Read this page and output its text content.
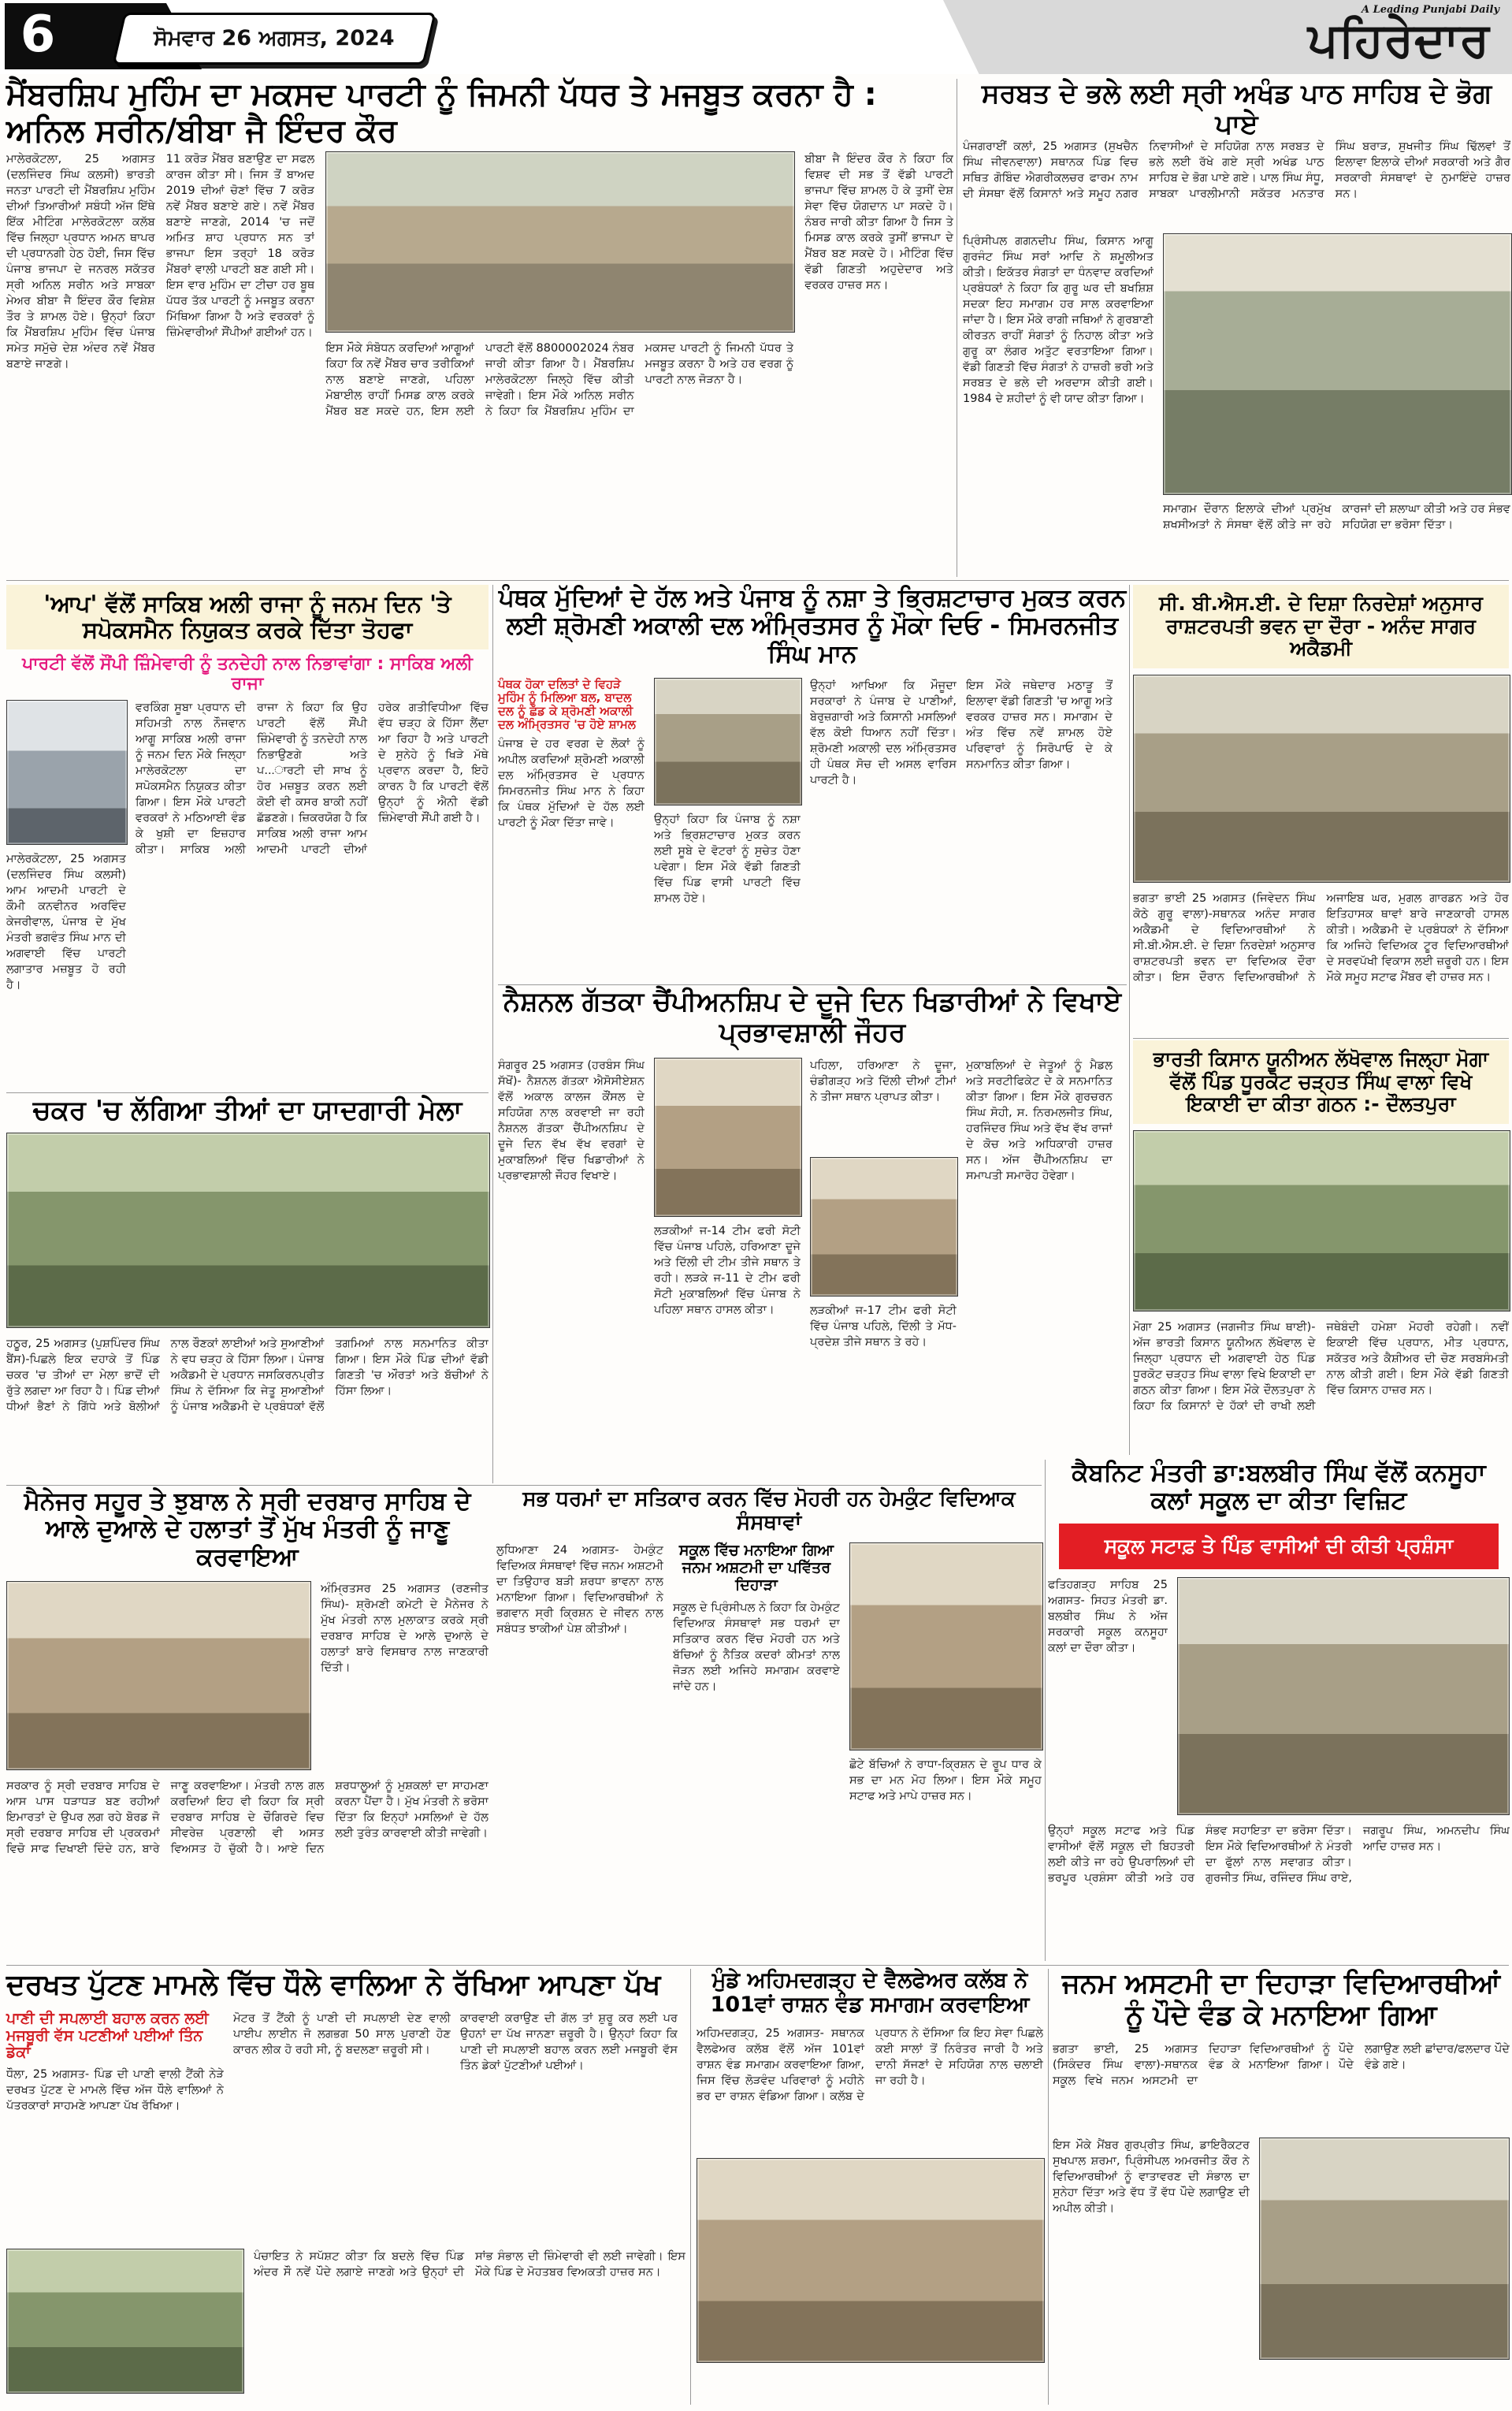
6	ਸੋਮਵਾਰ 26 ਅਗਸਤ, 2024
A Leading Punjabi Daily
ਪਹਿਰੇਦਾਰ
ਮੈਂਬਰਸ਼ਿਪ ਮੁਹਿੰਮ ਦਾ ਮਕਸਦ ਪਾਰਟੀ ਨੂੰ ਜਿਮਨੀ ਪੱਧਰ ਤੇ ਮਜਬੂਤ ਕਰਨਾ ਹੈ : ਅਨਿਲ ਸਰੀਨ/ਬੀਬਾ ਜੈ ਇੰਦਰ ਕੌਰ
ਮਾਲੇਰਕੋਟਲਾ, 25 ਅਗਸਤ (ਦਲਜਿੰਦਰ ਸਿੰਘ ਕਲਸੀ) ਭਾਰਤੀ ਜਨਤਾ ਪਾਰਟੀ ਦੀ ਮੈਂਬਰਸ਼ਿਪ ਮੁਹਿੰਮ ਦੀਆਂ ਤਿਆਰੀਆਂ ਸਬੰਧੀ ਅੱਜ ਇੱਥੇ ਇੱਕ ਮੀਟਿੰਗ ਮਾਲੇਰਕੋਟਲਾ ਕਲੱਬ ਵਿੱਚ ਜਿਲ੍ਹਾ ਪ੍ਰਧਾਨ ਅਮਨ ਥਾਪਰ ਦੀ ਪ੍ਰਧਾਨਗੀ ਹੇਠ ਹੋਈ, ਜਿਸ ਵਿੱਚ ਪੰਜਾਬ ਭਾਜਪਾ ਦੇ ਜਨਰਲ ਸਕੱਤਰ ਸ੍ਰੀ ਅਨਿਲ ਸਰੀਨ ਅਤੇ ਸਾਬਕਾ ਮੇਅਰ ਬੀਬਾ ਜੈ ਇੰਦਰ ਕੌਰ ਵਿਸ਼ੇਸ਼ ਤੌਰ ਤੇ ਸ਼ਾਮਲ ਹੋਏ। ਉਨ੍ਹਾਂ ਕਿਹਾ ਕਿ ਮੈਂਬਰਸ਼ਿਪ ਮੁਹਿੰਮ ਵਿੱਚ ਪੰਜਾਬ ਸਮੇਤ ਸਮੁੱਚੇ ਦੇਸ਼ ਅੰਦਰ ਨਵੇਂ ਮੈਂਬਰ ਬਣਾਏ ਜਾਣਗੇ।
11 ਕਰੋੜ ਮੈਂਬਰ ਬਣਾਉਣ ਦਾ ਸਫਲ ਕਾਰਜ ਕੀਤਾ ਸੀ। ਜਿਸ ਤੋਂ ਬਾਅਦ 2019 ਦੀਆਂ ਚੋਣਾਂ ਵਿੱਚ 7 ਕਰੋੜ ਨਵੇਂ ਮੈਂਬਰ ਬਣਾਏ ਗਏ। ਨਵੇਂ ਮੈਂਬਰ ਬਣਾਏ ਜਾਣਗੇ, 2014 'ਚ ਜਦੋਂ ਅਮਿਤ ਸ਼ਾਹ ਪ੍ਰਧਾਨ ਸਨ ਤਾਂ ਭਾਜਪਾ ਇਸ ਤਰ੍ਹਾਂ 18 ਕਰੋੜ ਮੈਂਬਰਾਂ ਵਾਲੀ ਪਾਰਟੀ ਬਣ ਗਈ ਸੀ। ਇਸ ਵਾਰ ਮੁਹਿੰਮ ਦਾ ਟੀਚਾ ਹਰ ਬੂਥ ਪੱਧਰ ਤੱਕ ਪਾਰਟੀ ਨੂੰ ਮਜਬੂਤ ਕਰਨਾ ਮਿੱਥਿਆ ਗਿਆ ਹੈ ਅਤੇ ਵਰਕਰਾਂ ਨੂੰ ਜ਼ਿੰਮੇਵਾਰੀਆਂ ਸੌਂਪੀਆਂ ਗਈਆਂ ਹਨ।
ਇਸ ਮੌਕੇ ਸੰਬੋਧਨ ਕਰਦਿਆਂ ਆਗੂਆਂ ਕਿਹਾ ਕਿ ਨਵੇਂ ਮੈਂਬਰ ਚਾਰ ਤਰੀਕਿਆਂ ਨਾਲ ਬਣਾਏ ਜਾਣਗੇ, ਪਹਿਲਾ ਮੋਬਾਈਲ ਰਾਹੀਂ ਮਿਸਡ ਕਾਲ ਕਰਕੇ ਮੈਂਬਰ ਬਣ ਸਕਦੇ ਹਨ, ਇਸ ਲਈ ਪਾਰਟੀ ਵੱਲੋਂ 8800002024 ਨੰਬਰ ਜਾਰੀ ਕੀਤਾ ਗਿਆ ਹੈ। ਮੈਂਬਰਸ਼ਿਪ ਮਾਲੇਰਕੋਟਲਾ ਜਿਲ੍ਹੇ ਵਿੱਚ ਕੀਤੀ ਜਾਵੇਗੀ। ਇਸ ਮੌਕੇ ਅਨਿਲ ਸਰੀਨ ਨੇ ਕਿਹਾ ਕਿ ਮੈਂਬਰਸ਼ਿਪ ਮੁਹਿੰਮ ਦਾ ਮਕਸਦ ਪਾਰਟੀ ਨੂੰ ਜਿਮਨੀ ਪੱਧਰ ਤੇ ਮਜਬੂਤ ਕਰਨਾ ਹੈ ਅਤੇ ਹਰ ਵਰਗ ਨੂੰ ਪਾਰਟੀ ਨਾਲ ਜੋੜਨਾ ਹੈ।
ਬੀਬਾ ਜੈ ਇੰਦਰ ਕੌਰ ਨੇ ਕਿਹਾ ਕਿ ਵਿਸ਼ਵ ਦੀ ਸਭ ਤੋਂ ਵੱਡੀ ਪਾਰਟੀ ਭਾਜਪਾ ਵਿੱਚ ਸ਼ਾਮਲ ਹੋ ਕੇ ਤੁਸੀਂ ਦੇਸ਼ ਸੇਵਾ ਵਿੱਚ ਯੋਗਦਾਨ ਪਾ ਸਕਦੇ ਹੋ। ਨੰਬਰ ਜਾਰੀ ਕੀਤਾ ਗਿਆ ਹੈ ਜਿਸ ਤੇ ਮਿਸਡ ਕਾਲ ਕਰਕੇ ਤੁਸੀਂ ਭਾਜਪਾ ਦੇ ਮੈਂਬਰ ਬਣ ਸਕਦੇ ਹੋ। ਮੀਟਿੰਗ ਵਿੱਚ ਵੱਡੀ ਗਿਣਤੀ ਅਹੁਦੇਦਾਰ ਅਤੇ ਵਰਕਰ ਹਾਜ਼ਰ ਸਨ।
ਸਰਬਤ ਦੇ ਭਲੇ ਲਈ ਸ੍ਰੀ ਅਖੰਡ ਪਾਠ ਸਾਹਿਬ ਦੇ ਭੋਗ ਪਾਏ
ਪੰਜਗਰਾਈਂ ਕਲਾਂ, 25 ਅਗਸਤ (ਸੁਖਚੈਨ ਸਿੰਘ ਜੀਵਨਵਾਲਾ) ਸਥਾਨਕ ਪਿੰਡ ਵਿਚ ਸਥਿਤ ਗੋਬਿੰਦ ਐਗਰੀਕਲਚਰ ਫਾਰਮ ਨਾਮ ਦੀ ਸੰਸਥਾ ਵੱਲੋਂ ਕਿਸਾਨਾਂ ਅਤੇ ਸਮੂਹ ਨਗਰ ਨਿਵਾਸੀਆਂ ਦੇ ਸਹਿਯੋਗ ਨਾਲ ਸਰਬਤ ਦੇ ਭਲੇ ਲਈ ਰੱਖੇ ਗਏ ਸ੍ਰੀ ਅਖੰਡ ਪਾਠ ਸਾਹਿਬ ਦੇ ਭੋਗ ਪਾਏ ਗਏ। ਪਾਲ ਸਿੰਘ ਸੰਧੂ, ਸਾਬਕਾ ਪਾਰਲੀਮਾਨੀ ਸਕੱਤਰ ਮਨਤਾਰ ਸਿੰਘ ਬਰਾੜ, ਸੁਖਜੀਤ ਸਿੰਘ ਢਿੱਲਵਾਂ ਤੋਂ ਇਲਾਵਾ ਇਲਾਕੇ ਦੀਆਂ ਸਰਕਾਰੀ ਅਤੇ ਗੈਰ ਸਰਕਾਰੀ ਸੰਸਥਾਵਾਂ ਦੇ ਨੁਮਾਇੰਦੇ ਹਾਜ਼ਰ ਸਨ।
ਪ੍ਰਿੰਸੀਪਲ ਗਗਨਦੀਪ ਸਿੰਘ, ਕਿਸਾਨ ਆਗੂ ਗੁਰਜੰਟ ਸਿੰਘ ਸਰਾਂ ਆਦਿ ਨੇ ਸ਼ਮੂਲੀਅਤ ਕੀਤੀ। ਇਕੱਤਰ ਸੰਗਤਾਂ ਦਾ ਧੰਨਵਾਦ ਕਰਦਿਆਂ ਪ੍ਰਬੰਧਕਾਂ ਨੇ ਕਿਹਾ ਕਿ ਗੁਰੂ ਘਰ ਦੀ ਬਖਸ਼ਿਸ਼ ਸਦਕਾ ਇਹ ਸਮਾਗਮ ਹਰ ਸਾਲ ਕਰਵਾਇਆ ਜਾਂਦਾ ਹੈ। ਇਸ ਮੌਕੇ ਰਾਗੀ ਜਥਿਆਂ ਨੇ ਗੁਰਬਾਣੀ ਕੀਰਤਨ ਰਾਹੀਂ ਸੰਗਤਾਂ ਨੂੰ ਨਿਹਾਲ ਕੀਤਾ ਅਤੇ ਗੁਰੂ ਕਾ ਲੰਗਰ ਅਤੁੱਟ ਵਰਤਾਇਆ ਗਿਆ। ਵੱਡੀ ਗਿਣਤੀ ਵਿੱਚ ਸੰਗਤਾਂ ਨੇ ਹਾਜ਼ਰੀ ਭਰੀ ਅਤੇ ਸਰਬਤ ਦੇ ਭਲੇ ਦੀ ਅਰਦਾਸ ਕੀਤੀ ਗਈ। 1984 ਦੇ ਸ਼ਹੀਦਾਂ ਨੂੰ ਵੀ ਯਾਦ ਕੀਤਾ ਗਿਆ।
ਸਮਾਗਮ ਦੌਰਾਨ ਇਲਾਕੇ ਦੀਆਂ ਪ੍ਰਮੁੱਖ ਸ਼ਖਸੀਅਤਾਂ ਨੇ ਸੰਸਥਾ ਵੱਲੋਂ ਕੀਤੇ ਜਾ ਰਹੇ ਕਾਰਜਾਂ ਦੀ ਸ਼ਲਾਘਾ ਕੀਤੀ ਅਤੇ ਹਰ ਸੰਭਵ ਸਹਿਯੋਗ ਦਾ ਭਰੋਸਾ ਦਿੱਤਾ।
ਸੀ. ਬੀ.ਐਸ.ਈ. ਦੇ ਦਿਸ਼ਾ ਨਿਰਦੇਸ਼ਾਂ ਅਨੁਸਾਰ ਰਾਸ਼ਟਰਪਤੀ ਭਵਨ ਦਾ ਦੌਰਾ - ਅਨੰਦ ਸਾਗਰ ਅਕੈਡਮੀ
ਭਗਤਾ ਭਾਈ 25 ਅਗਸਤ (ਜਿਵੇਦਨ ਸਿੰਘ ਕੋਠੇ ਗੁਰੂ ਵਾਲਾ)-ਸਥਾਨਕ ਅਨੰਦ ਸਾਗਰ ਅਕੈਡਮੀ ਦੇ ਵਿਦਿਆਰਥੀਆਂ ਨੇ ਸੀ.ਬੀ.ਐਸ.ਈ. ਦੇ ਦਿਸ਼ਾ ਨਿਰਦੇਸ਼ਾਂ ਅਨੁਸਾਰ ਰਾਸ਼ਟਰਪਤੀ ਭਵਨ ਦਾ ਵਿਦਿਅਕ ਦੌਰਾ ਕੀਤਾ। ਇਸ ਦੌਰਾਨ ਵਿਦਿਆਰਥੀਆਂ ਨੇ ਅਜਾਇਬ ਘਰ, ਮੁਗਲ ਗਾਰਡਨ ਅਤੇ ਹੋਰ ਇਤਿਹਾਸਕ ਥਾਵਾਂ ਬਾਰੇ ਜਾਣਕਾਰੀ ਹਾਸਲ ਕੀਤੀ। ਅਕੈਡਮੀ ਦੇ ਪ੍ਰਬੰਧਕਾਂ ਨੇ ਦੱਸਿਆ ਕਿ ਅਜਿਹੇ ਵਿਦਿਅਕ ਟੂਰ ਵਿਦਿਆਰਥੀਆਂ ਦੇ ਸਰਵਪੱਖੀ ਵਿਕਾਸ ਲਈ ਜ਼ਰੂਰੀ ਹਨ। ਇਸ ਮੌਕੇ ਸਮੂਹ ਸਟਾਫ ਮੈਂਬਰ ਵੀ ਹਾਜ਼ਰ ਸਨ।
'ਆਪ' ਵੱਲੋਂ ਸਾਕਿਬ ਅਲੀ ਰਾਜਾ ਨੂੰ ਜਨਮ ਦਿਨ 'ਤੇ ਸਪੋਕਸਮੈਨ ਨਿਯੁਕਤ ਕਰਕੇ ਦਿੱਤਾ ਤੋਹਫਾ
ਪਾਰਟੀ ਵੱਲੋਂ ਸੌਂਪੀ ਜ਼ਿੰਮੇਵਾਰੀ ਨੂੰ ਤਨਦੇਹੀ ਨਾਲ ਨਿਭਾਵਾਂਗਾ : ਸਾਕਿਬ ਅਲੀ ਰਾਜਾ
ਮਾਲੇਰਕੋਟਲਾ, 25 ਅਗਸਤ (ਦਲਜਿੰਦਰ ਸਿੰਘ ਕਲਸੀ) ਆਮ ਆਦਮੀ ਪਾਰਟੀ ਦੇ ਕੌਮੀ ਕਨਵੀਨਰ ਅਰਵਿੰਦ ਕੇਜਰੀਵਾਲ, ਪੰਜਾਬ ਦੇ ਮੁੱਖ ਮੰਤਰੀ ਭਗਵੰਤ ਸਿੰਘ ਮਾਨ ਦੀ ਅਗਵਾਈ ਵਿੱਚ ਪਾਰਟੀ ਲਗਾਤਾਰ ਮਜ਼ਬੂਤ ਹੋ ਰਹੀ ਹੈ।
ਵਰਕਿੰਗ ਸੂਬਾ ਪ੍ਰਧਾਨ ਦੀ ਸਹਿਮਤੀ ਨਾਲ ਨੌਜਵਾਨ ਆਗੂ ਸਾਕਿਬ ਅਲੀ ਰਾਜਾ ਨੂੰ ਜਨਮ ਦਿਨ ਮੌਕੇ ਜਿਲ੍ਹਾ ਮਾਲੇਰਕੋਟਲਾ ਦਾ ਸਪੋਕਸਮੈਨ ਨਿਯੁਕਤ ਕੀਤਾ ਗਿਆ। ਇਸ ਮੌਕੇ ਪਾਰਟੀ ਵਰਕਰਾਂ ਨੇ ਮਠਿਆਈ ਵੰਡ ਕੇ ਖੁਸ਼ੀ ਦਾ ਇਜ਼ਹਾਰ ਕੀਤਾ। ਸਾਕਿਬ ਅਲੀ ਰਾਜਾ ਨੇ ਕਿਹਾ ਕਿ ਉਹ ਪਾਰਟੀ ਵੱਲੋਂ ਸੌਂਪੀ ਜ਼ਿੰਮੇਵਾਰੀ ਨੂੰ ਤਨਦੇਹੀ ਨਾਲ ਨਿਭਾਉਣਗੇ ਅਤੇ ਪ...ਾਰਟੀ ਦੀ ਸਾਖ ਨੂੰ ਹੋਰ ਮਜ਼ਬੂਤ ਕਰਨ ਲਈ ਕੋਈ ਵੀ ਕਸਰ ਬਾਕੀ ਨਹੀਂ ਛੱਡਣਗੇ। ਜ਼ਿਕਰਯੋਗ ਹੈ ਕਿ ਸਾਕਿਬ ਅਲੀ ਰਾਜਾ ਆਮ ਆਦਮੀ ਪਾਰਟੀ ਦੀਆਂ ਹਰੇਕ ਗਤੀਵਿਧੀਆ ਵਿੱਚ ਵੱਧ ਚੜ੍ਹ ਕੇ ਹਿੱਸਾ ਲੈਂਦਾ ਆ ਰਿਹਾ ਹੈ ਅਤੇ ਪਾਰਟੀ ਦੇ ਸੁਨੇਹੇ ਨੂੰ ਖਿੜੇ ਮੱਥੇ ਪ੍ਰਵਾਨ ਕਰਦਾ ਹੈ, ਇਹੋ ਕਾਰਨ ਹੈ ਕਿ ਪਾਰਟੀ ਵੱਲੋਂ ਉਨ੍ਹਾਂ ਨੂੰ ਐਨੀ ਵੱਡੀ ਜ਼ਿੰਮੇਵਾਰੀ ਸੌਂਪੀ ਗਈ ਹੈ।
ਪੰਥਕ ਮੁੱਦਿਆਂ ਦੇ ਹੱਲ ਅਤੇ ਪੰਜਾਬ ਨੂੰ ਨਸ਼ਾ ਤੇ ਭ੍ਰਿਸ਼ਟਾਚਾਰ ਮੁਕਤ ਕਰਨ ਲਈ ਸ਼੍ਰੋਮਣੀ ਅਕਾਲੀ ਦਲ ਅੰਮ੍ਰਿਤਸਰ ਨੂੰ ਮੌਕਾ ਦਿਓ - ਸਿਮਰਨਜੀਤ ਸਿੰਘ ਮਾਨ
ਪੰਥਕ ਹੋਕਾ ਦਲਿਤਾਂ ਦੇ ਵਿਹੜੇ ਮੁਹਿੰਮ ਨੂੰ ਮਿਲਿਆ ਬਲ, ਬਾਦਲ ਦਲ ਨੂੰ ਛੱਡ ਕੇ ਸ਼੍ਰੋਮਣੀ ਅਕਾਲੀ ਦਲ ਅੰਮ੍ਰਿਤਸਰ 'ਚ ਹੋਏ ਸ਼ਾਮਲ
ਪੰਜਾਬ ਦੇ ਹਰ ਵਰਗ ਦੇ ਲੋਕਾਂ ਨੂੰ ਅਪੀਲ ਕਰਦਿਆਂ ਸ਼੍ਰੋਮਣੀ ਅਕਾਲੀ ਦਲ ਅੰਮ੍ਰਿਤਸਰ ਦੇ ਪ੍ਰਧਾਨ ਸਿਮਰਨਜੀਤ ਸਿੰਘ ਮਾਨ ਨੇ ਕਿਹਾ ਕਿ ਪੰਥਕ ਮੁੱਦਿਆਂ ਦੇ ਹੱਲ ਲਈ ਪਾਰਟੀ ਨੂੰ ਮੌਕਾ ਦਿੱਤਾ ਜਾਵੇ।	ਉਨ੍ਹਾਂ ਕਿਹਾ ਕਿ ਪੰਜਾਬ ਨੂੰ ਨਸ਼ਾ ਅਤੇ ਭ੍ਰਿਸ਼ਟਾਚਾਰ ਮੁਕਤ ਕਰਨ ਲਈ ਸੂਬੇ ਦੇ ਵੋਟਰਾਂ ਨੂੰ ਸੁਚੇਤ ਹੋਣਾ ਪਵੇਗਾ। ਇਸ ਮੌਕੇ ਵੱਡੀ ਗਿਣਤੀ ਵਿੱਚ ਪਿੰਡ ਵਾਸੀ ਪਾਰਟੀ ਵਿੱਚ ਸ਼ਾਮਲ ਹੋਏ।
ਉਨ੍ਹਾਂ ਆਖਿਆ ਕਿ ਮੌਜੂਦਾ ਸਰਕਾਰਾਂ ਨੇ ਪੰਜਾਬ ਦੇ ਪਾਣੀਆਂ, ਬੇਰੁਜ਼ਗਾਰੀ ਅਤੇ ਕਿਸਾਨੀ ਮਸਲਿਆਂ ਵੱਲ ਕੋਈ ਧਿਆਨ ਨਹੀਂ ਦਿੱਤਾ। ਸ਼੍ਰੋਮਣੀ ਅਕਾਲੀ ਦਲ ਅੰਮ੍ਰਿਤਸਰ ਹੀ ਪੰਥਕ ਸੋਚ ਦੀ ਅਸਲ ਵਾਰਿਸ ਪਾਰਟੀ ਹੈ।
ਇਸ ਮੌਕੇ ਜਥੇਦਾਰ ਮਠਾੜੂ ਤੋਂ ਇਲਾਵਾ ਵੱਡੀ ਗਿਣਤੀ 'ਚ ਆਗੂ ਅਤੇ ਵਰਕਰ ਹਾਜ਼ਰ ਸਨ। ਸਮਾਗਮ ਦੇ ਅੰਤ ਵਿੱਚ ਨਵੇਂ ਸ਼ਾਮਲ ਹੋਏ ਪਰਿਵਾਰਾਂ ਨੂੰ ਸਿਰੋਪਾਓ ਦੇ ਕੇ ਸਨਮਾਨਿਤ ਕੀਤਾ ਗਿਆ।
ਨੈਸ਼ਨਲ ਗੱਤਕਾ ਚੈਂਪੀਅਨਸ਼ਿਪ ਦੇ ਦੂਜੇ ਦਿਨ ਖਿਡਾਰੀਆਂ ਨੇ ਵਿਖਾਏ ਪ੍ਰਭਾਵਸ਼ਾਲੀ ਜੌਹਰ
ਸੰਗਰੂਰ 25 ਅਗਸਤ (ਹਰਬੰਸ ਸਿੰਘ ਸੱਖੋਂ)- ਨੈਸ਼ਨਲ ਗੱਤਕਾ ਐਸੋਸੀਏਸ਼ਨ ਵੱਲੋਂ ਅਕਾਲ ਕਾਲਜ ਕੌਂਸਲ ਦੇ ਸਹਿਯੋਗ ਨਾਲ ਕਰਵਾਈ ਜਾ ਰਹੀ ਨੈਸ਼ਨਲ ਗੱਤਕਾ ਚੈਂਪੀਅਨਸ਼ਿਪ ਦੇ ਦੂਜੇ ਦਿਨ ਵੱਖ ਵੱਖ ਵਰਗਾਂ ਦੇ ਮੁਕਾਬਲਿਆਂ ਵਿੱਚ ਖਿਡਾਰੀਆਂ ਨੇ ਪ੍ਰਭਾਵਸ਼ਾਲੀ ਜੌਹਰ ਵਿਖਾਏ।
ਲੜਕੀਆਂ ਜ-14 ਟੀਮ ਫਰੀ ਸੋਟੀ ਵਿੱਚ ਪੰਜਾਬ ਪਹਿਲੇ, ਹਰਿਆਣਾ ਦੂਜੇ ਅਤੇ ਦਿੱਲੀ ਦੀ ਟੀਮ ਤੀਜੇ ਸਥਾਨ ਤੇ ਰਹੀ। ਲੜਕੇ ਜ-11 ਦੇ ਟੀਮ ਫਰੀ ਸੋਟੀ ਮੁਕਾਬਲਿਆਂ ਵਿੱਚ ਪੰਜਾਬ ਨੇ ਪਹਿਲਾ ਸਥਾਨ ਹਾਸਲ ਕੀਤਾ।
ਪਹਿਲਾ, ਹਰਿਆਣਾ ਨੇ ਦੂਜਾ, ਚੰਡੀਗੜ੍ਹ ਅਤੇ ਦਿੱਲੀ ਦੀਆਂ ਟੀਮਾਂ ਨੇ ਤੀਜਾ ਸਥਾਨ ਪ੍ਰਾਪਤ ਕੀਤਾ।
ਲੜਕੀਆਂ ਜ-17 ਟੀਮ ਫਰੀ ਸੋਟੀ ਵਿੱਚ ਪੰਜਾਬ ਪਹਿਲੇ, ਦਿੱਲੀ ਤੇ ਮੱਧ-ਪ੍ਰਦੇਸ਼ ਤੀਜੇ ਸਥਾਨ ਤੇ ਰਹੇ।
ਮੁਕਾਬਲਿਆਂ ਦੇ ਜੇਤੂਆਂ ਨੂੰ ਮੈਡਲ ਅਤੇ ਸਰਟੀਫਿਕੇਟ ਦੇ ਕੇ ਸਨਮਾਨਿਤ ਕੀਤਾ ਗਿਆ। ਇਸ ਮੌਕੇ ਗੁਰਚਰਨ ਸਿੰਘ ਸੋਹੀ, ਸ. ਨਿਰਮਲਜੀਤ ਸਿੰਘ, ਹਰਜਿੰਦਰ ਸਿੰਘ ਅਤੇ ਵੱਖ ਵੱਖ ਰਾਜਾਂ ਦੇ ਕੋਚ ਅਤੇ ਅਧਿਕਾਰੀ ਹਾਜ਼ਰ ਸਨ। ਅੱਜ ਚੈਂਪੀਅਨਸ਼ਿਪ ਦਾ ਸਮਾਪਤੀ ਸਮਾਰੋਹ ਹੋਵੇਗਾ।
ਚਕਰ 'ਚ ਲੱਗਿਆ ਤੀਆਂ ਦਾ ਯਾਦਗਾਰੀ ਮੇਲਾ
ਹਠੂਰ, 25 ਅਗਸਤ (ਪੁਸ਼ਪਿੰਦਰ ਸਿੰਘ ਬੈਂਸ)-ਪਿਛਲੇ ਇਕ ਦਹਾਕੇ ਤੋਂ ਪਿੰਡ ਚਕਰ 'ਚ ਤੀਆਂ ਦਾ ਮੇਲਾ ਭਾਦੋਂ ਦੀ ਰੁੱਤੇ ਲਗਦਾ ਆ ਰਿਹਾ ਹੈ। ਪਿੰਡ ਦੀਆਂ ਧੀਆਂ ਭੈਣਾਂ ਨੇ ਗਿੱਧੇ ਅਤੇ ਬੋਲੀਆਂ ਨਾਲ ਰੌਣਕਾਂ ਲਾਈਆਂ ਅਤੇ ਸੁਆਣੀਆਂ ਨੇ ਵਧ ਚੜ੍ਹ ਕੇ ਹਿੱਸਾ ਲਿਆ। ਪੰਜਾਬ ਅਕੈਡਮੀ ਦੇ ਪ੍ਰਧਾਨ ਜਸਕਿਰਨਪ੍ਰੀਤ ਸਿੰਘ ਨੇ ਦੱਸਿਆ ਕਿ ਜੇਤੂ ਸੁਆਣੀਆਂ ਨੂੰ ਪੰਜਾਬ ਅਕੈਡਮੀ ਦੇ ਪ੍ਰਬੰਧਕਾਂ ਵੱਲੋਂ ਤਗਮਿਆਂ ਨਾਲ ਸਨਮਾਨਿਤ ਕੀਤਾ ਗਿਆ। ਇਸ ਮੌਕੇ ਪਿੰਡ ਦੀਆਂ ਵੱਡੀ ਗਿਣਤੀ 'ਚ ਔਰਤਾਂ ਅਤੇ ਬੱਚੀਆਂ ਨੇ ਹਿੱਸਾ ਲਿਆ।
ਭਾਰਤੀ ਕਿਸਾਨ ਯੂਨੀਅਨ ਲੱਖੋਵਾਲ ਜਿਲ੍ਹਾ ਮੋਗਾ ਵੱਲੋਂ ਪਿੰਡ ਧੂਰਕੋਟ ਚੜ੍ਹਤ ਸਿੰਘ ਵਾਲਾ ਵਿਖੇ ਇਕਾਈ ਦਾ ਕੀਤਾ ਗਠਨ :- ਦੌਲਤਪੁਰਾ
ਮੋਗਾ 25 ਅਗਸਤ (ਜਗਜੀਤ ਸਿੰਘ ਥਾਈ)- ਅੱਜ ਭਾਰਤੀ ਕਿਸਾਨ ਯੂਨੀਅਨ ਲੱਖੋਵਾਲ ਦੇ ਜਿਲ੍ਹਾ ਪ੍ਰਧਾਨ ਦੀ ਅਗਵਾਈ ਹੇਠ ਪਿੰਡ ਧੂਰਕੋਟ ਚੜ੍ਹਤ ਸਿੰਘ ਵਾਲਾ ਵਿਖੇ ਇਕਾਈ ਦਾ ਗਠਨ ਕੀਤਾ ਗਿਆ। ਇਸ ਮੌਕੇ ਦੌਲਤਪੁਰਾ ਨੇ ਕਿਹਾ ਕਿ ਕਿਸਾਨਾਂ ਦੇ ਹੱਕਾਂ ਦੀ ਰਾਖੀ ਲਈ ਜਥੇਬੰਦੀ ਹਮੇਸ਼ਾ ਮੋਹਰੀ ਰਹੇਗੀ। ਨਵੀਂ ਇਕਾਈ ਵਿੱਚ ਪ੍ਰਧਾਨ, ਮੀਤ ਪ੍ਰਧਾਨ, ਸਕੱਤਰ ਅਤੇ ਕੈਸ਼ੀਅਰ ਦੀ ਚੋਣ ਸਰਬਸੰਮਤੀ ਨਾਲ ਕੀਤੀ ਗਈ। ਇਸ ਮੌਕੇ ਵੱਡੀ ਗਿਣਤੀ ਵਿੱਚ ਕਿਸਾਨ ਹਾਜ਼ਰ ਸਨ।
ਮੈਨੇਜਰ ਸਹੂਰ ਤੇ ਝੁਬਾਲ ਨੇ ਸ੍ਰੀ ਦਰਬਾਰ ਸਾਹਿਬ ਦੇ ਆਲੇ ਦੁਆਲੇ ਦੇ ਹਲਾਤਾਂ ਤੋਂ ਮੁੱਖ ਮੰਤਰੀ ਨੂੰ ਜਾਣੂ ਕਰਵਾਇਆ
ਅੰਮ੍ਰਿਤਸਰ 25 ਅਗਸਤ (ਰਣਜੀਤ ਸਿੰਘ)- ਸ਼੍ਰੋਮਣੀ ਕਮੇਟੀ ਦੇ ਮੈਨੇਜਰ ਨੇ ਮੁੱਖ ਮੰਤਰੀ ਨਾਲ ਮੁਲਾਕਾਤ ਕਰਕੇ ਸ੍ਰੀ ਦਰਬਾਰ ਸਾਹਿਬ ਦੇ ਆਲੇ ਦੁਆਲੇ ਦੇ ਹਲਾਤਾਂ ਬਾਰੇ ਵਿਸਥਾਰ ਨਾਲ ਜਾਣਕਾਰੀ ਦਿੱਤੀ।
ਸਰਕਾਰ ਨੂੰ ਸ੍ਰੀ ਦਰਬਾਰ ਸਾਹਿਬ ਦੇ ਆਸ ਪਾਸ ਧੜਾਧੜ ਬਣ ਰਹੀਆਂ ਇਮਾਰਤਾਂ ਦੇ ਉਪਰ ਲਗ ਰਹੇ ਬੋਰਡ ਜੋ ਸ੍ਰੀ ਦਰਬਾਰ ਸਾਹਿਬ ਦੀ ਪ੍ਰਕਰਮਾਂ ਵਿਚੋ ਸਾਫ ਦਿਖਾਈ ਦਿੰਦੇ ਹਨ, ਬਾਰੇ ਜਾਣੂ ਕਰਵਾਇਆ। ਮੰਤਰੀ ਨਾਲ ਗਲ ਕਰਦਿਆਂ ਇਹ ਵੀ ਕਿਹਾ ਕਿ ਸ੍ਰੀ ਦਰਬਾਰ ਸਾਹਿਬ ਦੇ ਚੌਗਿਰਦੇ ਵਿਚ ਸੀਵਰੇਜ਼ ਪ੍ਰਣਾਲੀ ਵੀ ਅਸਤ ਵਿਅਸਤ ਹੋ ਚੁੱਕੀ ਹੈ। ਆਏ ਦਿਨ ਸ਼ਰਧਾਲੂਆਂ ਨੂੰ ਮੁਸ਼ਕਲਾਂ ਦਾ ਸਾਹਮਣਾ ਕਰਨਾ ਪੈਂਦਾ ਹੈ। ਮੁੱਖ ਮੰਤਰੀ ਨੇ ਭਰੋਸਾ ਦਿੱਤਾ ਕਿ ਇਨ੍ਹਾਂ ਮਸਲਿਆਂ ਦੇ ਹੱਲ ਲਈ ਤੁਰੰਤ ਕਾਰਵਾਈ ਕੀਤੀ ਜਾਵੇਗੀ।
ਸਭ ਧਰਮਾਂ ਦਾ ਸਤਿਕਾਰ ਕਰਨ ਵਿੱਚ ਮੋਹਰੀ ਹਨ ਹੇਮਕੁੰਟ ਵਿਦਿਆਕ ਸੰਸਥਾਵਾਂ
ਲੁਧਿਆਣਾ 24 ਅਗਸਤ- ਹੇਮਕੁੰਟ ਵਿਦਿਅਕ ਸੰਸਥਾਵਾਂ ਵਿੱਚ ਜਨਮ ਅਸ਼ਟਮੀ ਦਾ ਤਿਉਹਾਰ ਬੜੀ ਸ਼ਰਧਾ ਭਾਵਨਾ ਨਾਲ ਮਨਾਇਆ ਗਿਆ। ਵਿਦਿਆਰਥੀਆਂ ਨੇ ਭਗਵਾਨ ਸ੍ਰੀ ਕ੍ਰਿਸ਼ਨ ਦੇ ਜੀਵਨ ਨਾਲ ਸਬੰਧਤ ਝਾਕੀਆਂ ਪੇਸ਼ ਕੀਤੀਆਂ।
ਸਕੂਲ ਵਿੱਚ ਮਨਾਇਆ ਗਿਆ ਜਨਮ ਅਸ਼ਟਮੀ ਦਾ ਪਵਿੱਤਰ ਦਿਹਾੜਾ
ਸਕੂਲ ਦੇ ਪ੍ਰਿੰਸੀਪਲ ਨੇ ਕਿਹਾ ਕਿ ਹੇਮਕੁੰਟ ਵਿਦਿਆਕ ਸੰਸਥਾਵਾਂ ਸਭ ਧਰਮਾਂ ਦਾ ਸਤਿਕਾਰ ਕਰਨ ਵਿੱਚ ਮੋਹਰੀ ਹਨ ਅਤੇ ਬੱਚਿਆਂ ਨੂੰ ਨੈਤਿਕ ਕਦਰਾਂ ਕੀਮਤਾਂ ਨਾਲ ਜੋੜਨ ਲਈ ਅਜਿਹੇ ਸਮਾਗਮ ਕਰਵਾਏ ਜਾਂਦੇ ਹਨ।
ਛੋਟੇ ਬੱਚਿਆਂ ਨੇ ਰਾਧਾ-ਕ੍ਰਿਸ਼ਨ ਦੇ ਰੂਪ ਧਾਰ ਕੇ ਸਭ ਦਾ ਮਨ ਮੋਹ ਲਿਆ। ਇਸ ਮੌਕੇ ਸਮੂਹ ਸਟਾਫ ਅਤੇ ਮਾਪੇ ਹਾਜ਼ਰ ਸਨ।
ਕੈਬਨਿਟ ਮੰਤਰੀ ਡਾ:ਬਲਬੀਰ ਸਿੰਘ ਵੱਲੋਂ ਕਨਸੂਹਾ ਕਲਾਂ ਸਕੂਲ ਦਾ ਕੀਤਾ ਵਿਜ਼ਿਟ
ਸਕੂਲ ਸਟਾਫ਼ ਤੇ ਪਿੰਡ ਵਾਸੀਆਂ ਦੀ ਕੀਤੀ ਪ੍ਰਸ਼ੰਸਾ
ਫਤਿਹਗੜ੍ਹ ਸਾਹਿਬ 25 ਅਗਸਤ- ਸਿਹਤ ਮੰਤਰੀ ਡਾ. ਬਲਬੀਰ ਸਿੰਘ ਨੇ ਅੱਜ ਸਰਕਾਰੀ ਸਕੂਲ ਕਨਸੂਹਾ ਕਲਾਂ ਦਾ ਦੌਰਾ ਕੀਤਾ।
ਉਨ੍ਹਾਂ ਸਕੂਲ ਸਟਾਫ ਅਤੇ ਪਿੰਡ ਵਾਸੀਆਂ ਵੱਲੋਂ ਸਕੂਲ ਦੀ ਬਿਹਤਰੀ ਲਈ ਕੀਤੇ ਜਾ ਰਹੇ ਉਪਰਾਲਿਆਂ ਦੀ ਭਰਪੂਰ ਪ੍ਰਸ਼ੰਸਾ ਕੀਤੀ ਅਤੇ ਹਰ ਸੰਭਵ ਸਹਾਇਤਾ ਦਾ ਭਰੋਸਾ ਦਿੱਤਾ। ਇਸ ਮੌਕੇ ਵਿਦਿਆਰਥੀਆਂ ਨੇ ਮੰਤਰੀ ਦਾ ਫੁੱਲਾਂ ਨਾਲ ਸਵਾਗਤ ਕੀਤਾ। ਗੁਰਜੀਤ ਸਿੰਘ, ਰਜਿੰਦਰ ਸਿੰਘ ਰਾਏ, ਜਗਰੂਪ ਸਿੰਘ, ਅਮਨਦੀਪ ਸਿੰਘ ਆਦਿ ਹਾਜ਼ਰ ਸਨ।
ਦਰਖਤ ਪੁੱਟਣ ਮਾਮਲੇ ਵਿੱਚ ਧੌਲੇ ਵਾਲਿਆ ਨੇ ਰੱਖਿਆ ਆਪਣਾ ਪੱਖ
ਪਾਣੀ ਦੀ ਸਪਲਾਈ ਬਹਾਲ ਕਰਨ ਲਈ ਮਜਬੂਰੀ ਵੱਸ ਪਟਣੀਆਂ ਪਈਆਂ ਤਿੰਨ ਡੇਕਾਂ
ਧੌਲਾ, 25 ਅਗਸਤ- ਪਿੰਡ ਦੀ ਪਾਣੀ ਵਾਲੀ ਟੈਂਕੀ ਨੇੜੇ ਦਰਖਤ ਪੁੱਟਣ ਦੇ ਮਾਮਲੇ ਵਿੱਚ ਅੱਜ ਧੌਲੇ ਵਾਲਿਆਂ ਨੇ ਪੱਤਰਕਾਰਾਂ ਸਾਹਮਣੇ ਆਪਣਾ ਪੱਖ ਰੱਖਿਆ।
ਮੋਟਰ ਤੋਂ ਟੈਂਕੀ ਨੂੰ ਪਾਣੀ ਦੀ ਸਪਲਾਈ ਦੇਣ ਵਾਲੀ ਪਾਈਪ ਲਾਈਨ ਜੋ ਲਗਭਗ 50 ਸਾਲ ਪੁਰਾਣੀ ਹੋਣ ਕਾਰਨ ਲੀਕ ਹੋ ਰਹੀ ਸੀ, ਨੂੰ ਬਦਲਣਾ ਜ਼ਰੂਰੀ ਸੀ।
ਕਾਰਵਾਈ ਕਰਾਉਣ ਦੀ ਗੱਲ ਤਾਂ ਸ਼ੁਰੂ ਕਰ ਲਈ ਪਰ ਉਹਨਾਂ ਦਾ ਪੱਖ ਜਾਨਣਾ ਜ਼ਰੂਰੀ ਹੈ। ਉਨ੍ਹਾਂ ਕਿਹਾ ਕਿ ਪਾਣੀ ਦੀ ਸਪਲਾਈ ਬਹਾਲ ਕਰਨ ਲਈ ਮਜਬੂਰੀ ਵੱਸ ਤਿੰਨ ਡੇਕਾਂ ਪੁੱਟਣੀਆਂ ਪਈਆਂ।
ਪੰਚਾਇਤ ਨੇ ਸਪੱਸ਼ਟ ਕੀਤਾ ਕਿ ਬਦਲੇ ਵਿੱਚ ਪਿੰਡ ਅੰਦਰ ਸੌ ਨਵੇਂ ਪੌਦੇ ਲਗਾਏ ਜਾਣਗੇ ਅਤੇ ਉਨ੍ਹਾਂ ਦੀ ਸਾਂਭ ਸੰਭਾਲ ਦੀ ਜ਼ਿੰਮੇਵਾਰੀ ਵੀ ਲਈ ਜਾਵੇਗੀ। ਇਸ ਮੌਕੇ ਪਿੰਡ ਦੇ ਮੋਹਤਬਰ ਵਿਅਕਤੀ ਹਾਜ਼ਰ ਸਨ।
ਮੁੰਡੇ ਅਹਿਮਦਗੜ੍ਹ ਦੇ ਵੈਲਫੇਅਰ ਕਲੱਬ ਨੇ 101ਵਾਂ ਰਾਸ਼ਨ ਵੰਡ ਸਮਾਗਮ ਕਰਵਾਇਆ
ਅਹਿਮਦਗੜ੍ਹ, 25 ਅਗਸਤ- ਸਥਾਨਕ ਵੈਲਫੇਅਰ ਕਲੱਬ ਵੱਲੋਂ ਅੱਜ 101ਵਾਂ ਰਾਸ਼ਨ ਵੰਡ ਸਮਾਗਮ ਕਰਵਾਇਆ ਗਿਆ, ਜਿਸ ਵਿੱਚ ਲੋੜਵੰਦ ਪਰਿਵਾਰਾਂ ਨੂੰ ਮਹੀਨੇ ਭਰ ਦਾ ਰਾਸ਼ਨ ਵੰਡਿਆ ਗਿਆ। ਕਲੱਬ ਦੇ ਪ੍ਰਧਾਨ ਨੇ ਦੱਸਿਆ ਕਿ ਇਹ ਸੇਵਾ ਪਿਛਲੇ ਕਈ ਸਾਲਾਂ ਤੋਂ ਨਿਰੰਤਰ ਜਾਰੀ ਹੈ ਅਤੇ ਦਾਨੀ ਸੱਜਣਾਂ ਦੇ ਸਹਿਯੋਗ ਨਾਲ ਚਲਾਈ ਜਾ ਰਹੀ ਹੈ।
ਜਨਮ ਅਸਟਮੀ ਦਾ ਦਿਹਾੜਾ ਵਿਦਿਆਰਥੀਆਂ ਨੂੰ ਪੌਦੇ ਵੰਡ ਕੇ ਮਨਾਇਆ ਗਿਆ
ਭਗਤਾ ਭਾਈ, 25 ਅਗਸਤ (ਸਿਕੰਦਰ ਸਿੰਘ ਵਾਲਾ)-ਸਥਾਨਕ ਸਕੂਲ ਵਿਖੇ ਜਨਮ ਅਸਟਮੀ ਦਾ ਦਿਹਾੜਾ ਵਿਦਿਆਰਥੀਆਂ ਨੂੰ ਪੌਦੇ ਵੰਡ ਕੇ ਮਨਾਇਆ ਗਿਆ। ਪੌਦੇ ਲਗਾਉਣ ਲਈ ਛਾਂਦਾਰ/ਫਲਦਾਰ ਪੌਦੇ ਵੰਡੇ ਗਏ।
ਇਸ ਮੌਕੇ ਮੈਂਬਰ ਗੁਰਪ੍ਰੀਤ ਸਿੰਘ, ਡਾਇਰੈਕਟਰ ਸੁਖਪਾਲ ਸ਼ਰਮਾ, ਪ੍ਰਿੰਸੀਪਲ ਅਮਰਜੀਤ ਕੌਰ ਨੇ ਵਿਦਿਆਰਥੀਆਂ ਨੂੰ ਵਾਤਾਵਰਣ ਦੀ ਸੰਭਾਲ ਦਾ ਸੁਨੇਹਾ ਦਿੱਤਾ ਅਤੇ ਵੱਧ ਤੋਂ ਵੱਧ ਪੌਦੇ ਲਗਾਉਣ ਦੀ ਅਪੀਲ ਕੀਤੀ।
